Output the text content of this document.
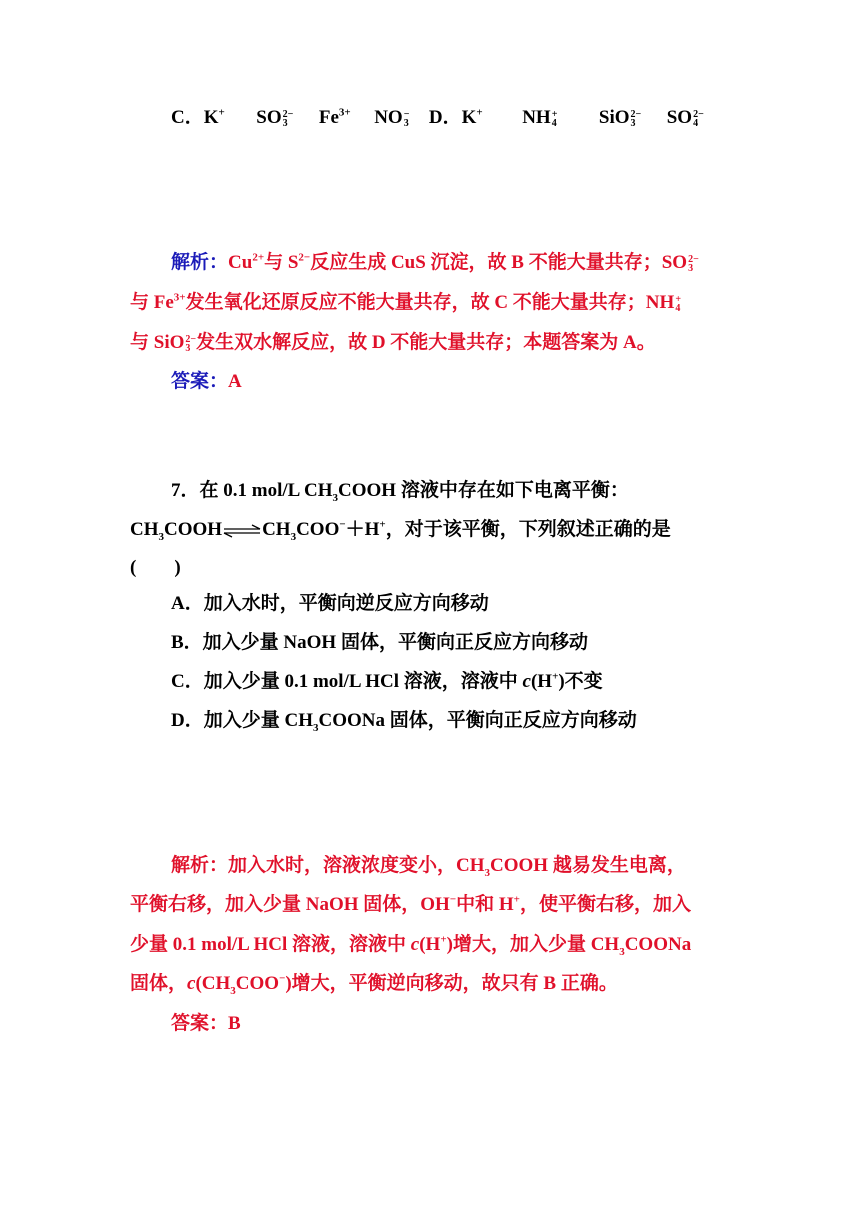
C．K+ SO 2−
3	$Fe^{3+}$ NO −
3 D．K+ NH +
4 SiO 2−
3	SO 2−
4
解析：$Cu^{2+}$与 $S^{2-}$反应生成 CuS 沉淀，故 B 不能大量共存；SO 2−
3
与 $Fe^{3+}$发生氧化还原反应不能大量共存，故 C 不能大量共存；NH +
4
与 SiO 2−
3 发生双水解反应，故 D 不能大量共存；本题答案为 A。
答案：A
7．在 0.1 mol/L $CH_3COOH$ 溶液中存在如下电离平衡：
$CH_3COOH\rightleftharpoons CH_3COO^-+H^+$，对于该平衡，下列叙述正确的是
(        )
A．加入水时，平衡向逆反应方向移动
B．加入少量 NaOH 固体，平衡向正反应方向移动
C．加入少量 0.1 mol/L HCl 溶液，溶液中 c(H+)不变
D．加入少量 $CH_3COONa$ 固体，平衡向正反应方向移动
解析：加入水时，溶液浓度变小，$CH_3COOH$ 越易发生电离，
平衡右移，加入少量 NaOH 固体，OH−中和 H+，使平衡右移，加入
少量 0.1 mol/L HCl 溶液，溶液中 c(H+)增大，加入少量 $CH_3COONa$
固体，$c(CH_3COO^-)$增大，平衡逆向移动，故只有 B 正确。
答案：B
